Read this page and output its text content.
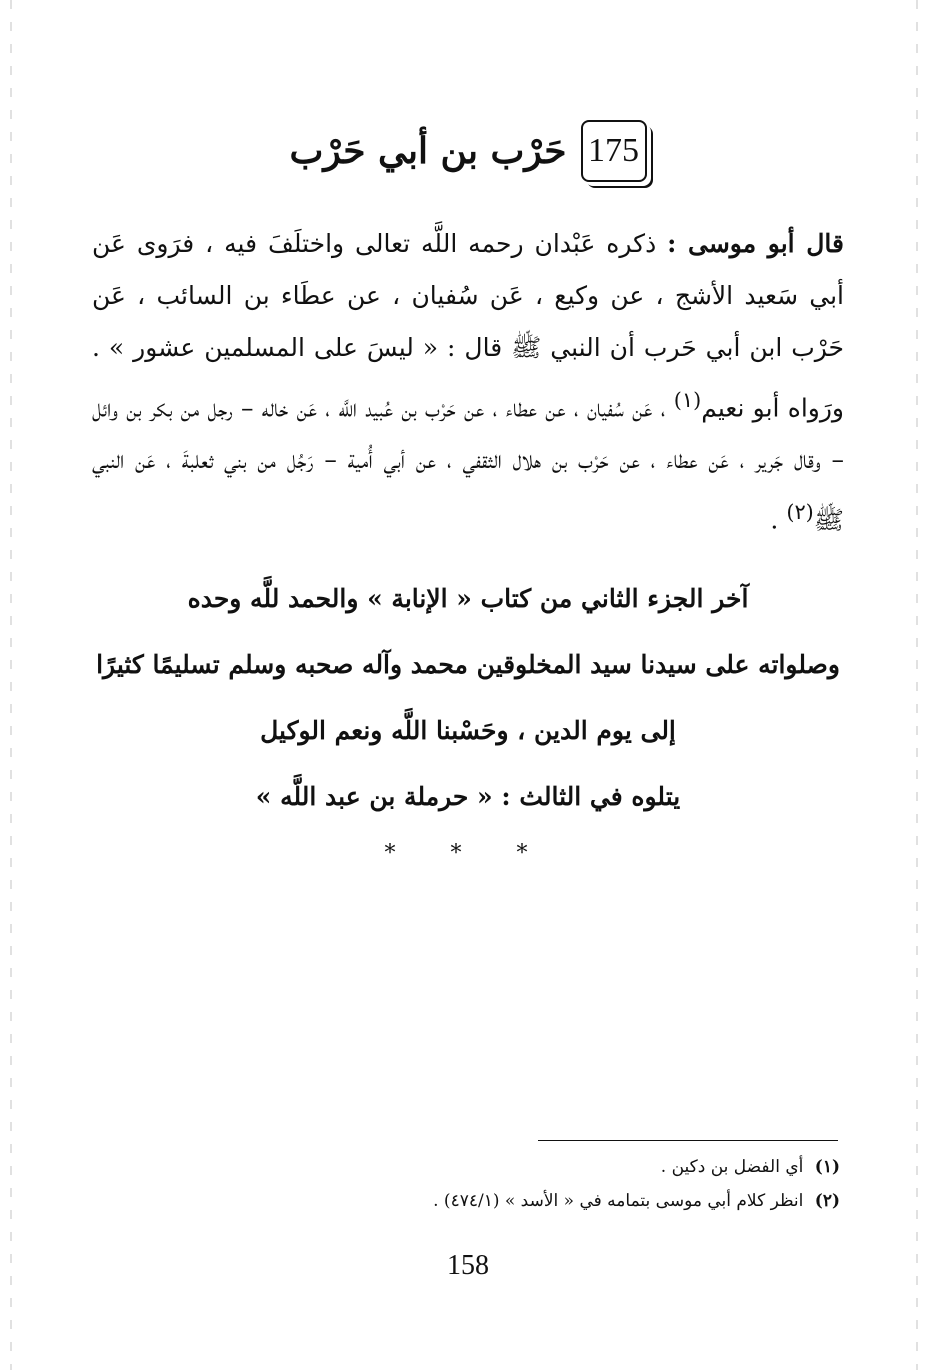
حَرْب بن أبي حَرْب 175

قال أبو موسى : ذكره عَبْدان رحمه اللَّه تعالى واختلَفَ فيه ، فرَوى عَن أبي سَعيد الأشج ، عن وكيع ، عَن سُفيان ، عن عطَاء بن السائب ، عَن حَرْب ابن أبي حَرب أن النبي ﷺ قال : « ليسَ على المسلمين عشور » . ورَواه أبو نعيم$^{(١)}$ ، عَن سُفيان ، عن عطاء ، عن حَرْب بن عُبيد اللَّه ، عَن خاله – رجل من بكر بن وائل – وقال جَرير ، عَن عطاء ، عن حَرْب بن هلال الثقفي ، عن أبي أُمية – رَجُل من بني ثعلبةَ ، عَن النبي ﷺ$^{(٢)}$ .

آخر الجزء الثاني من كتاب « الإنابة » والحمد للَّه وحده
وصلواته على سيدنا سيد المخلوقين محمد وآله صحبه وسلم تسليمًا كثيرًا
إلى يوم الدين ، وحَسْبنا اللَّه ونعم الوكيل
يتلوه في الثالث : « حرملة بن عبد اللَّه »
* * *
(١) أي الفضل بن دكين .
(٢) انظر كلام أبي موسى بتمامه في « الأسد » (٤٧٤/١) .
158
